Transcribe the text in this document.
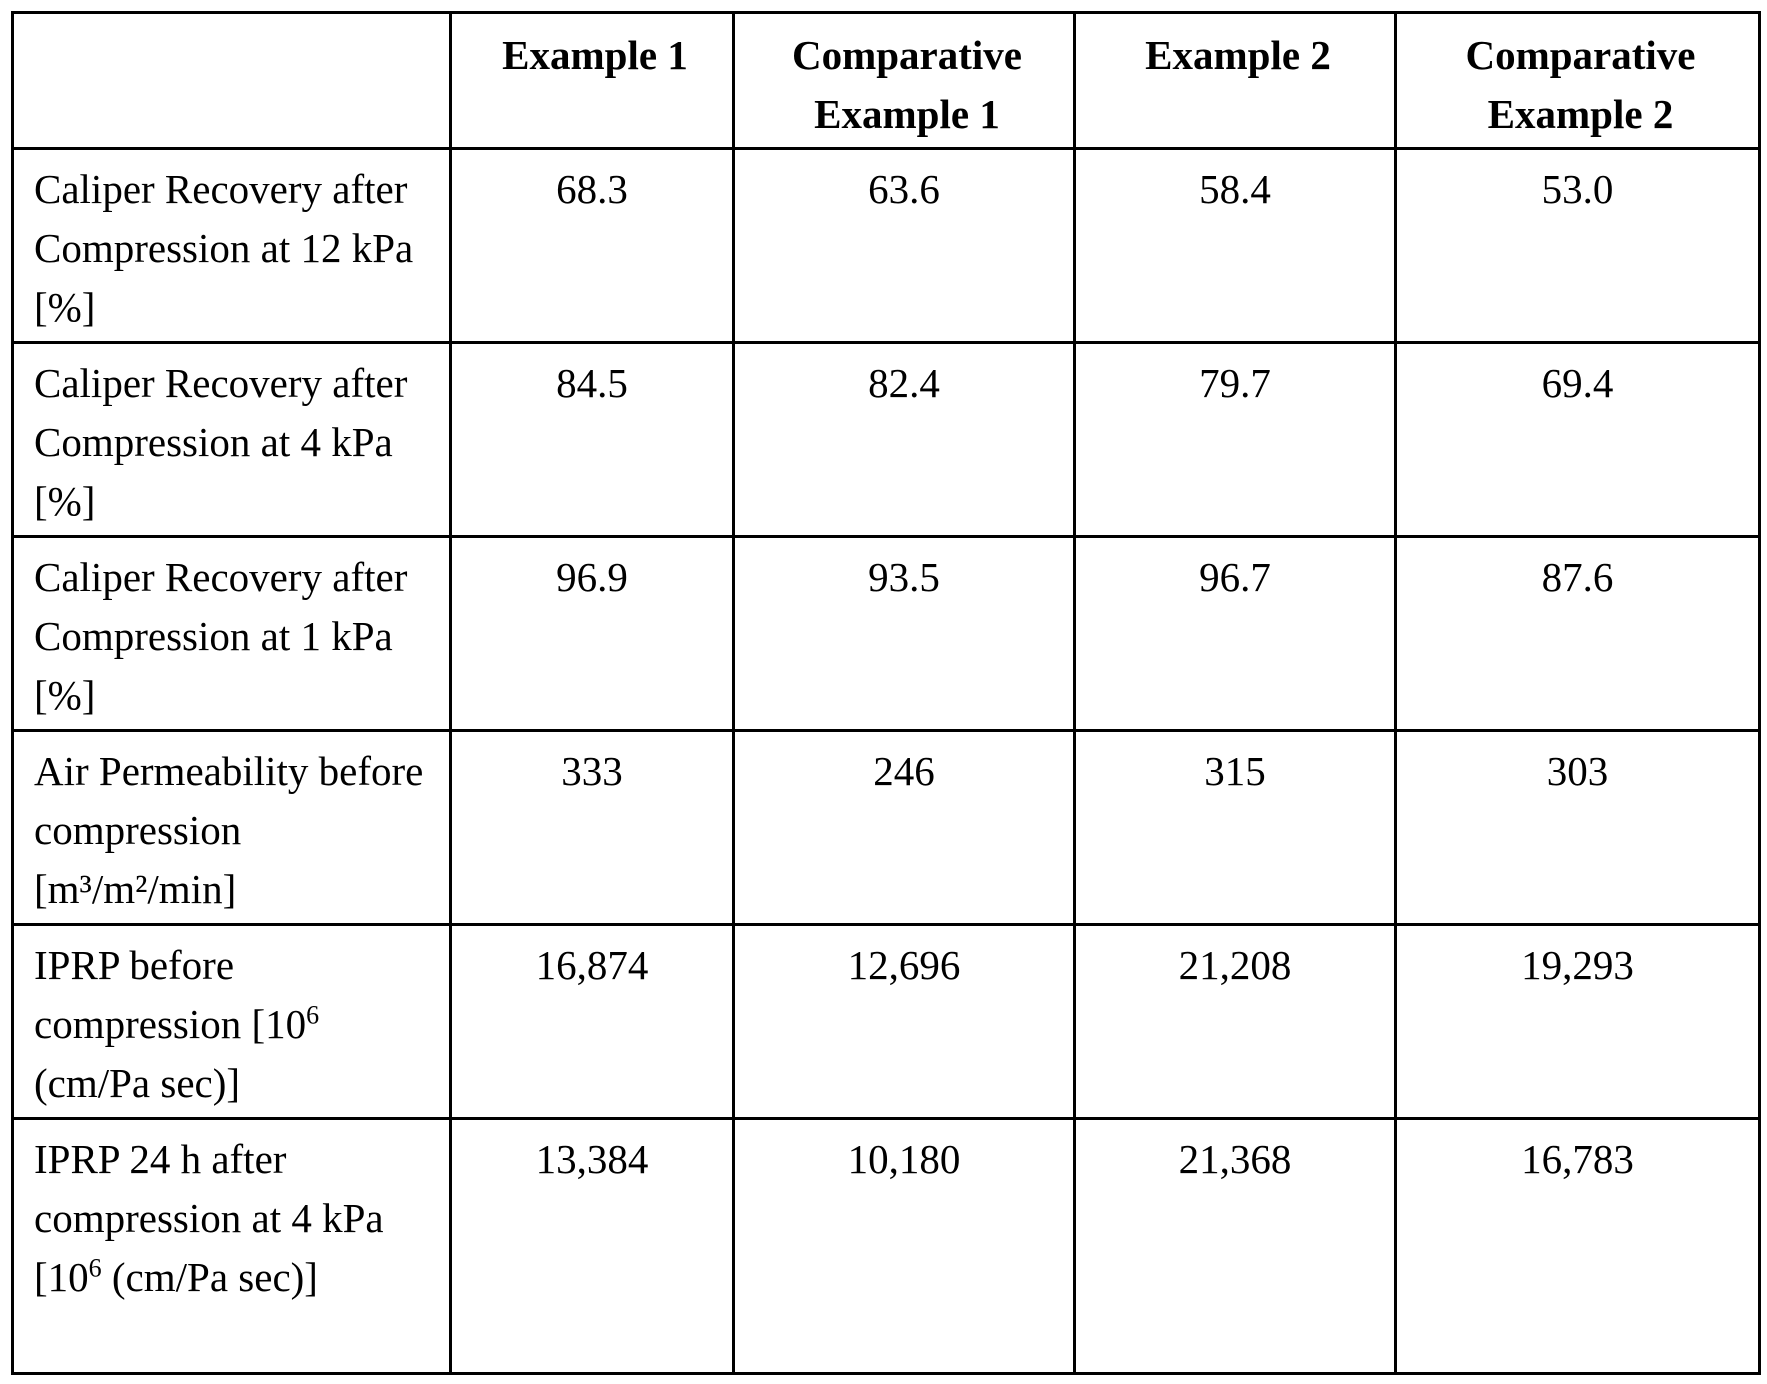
	Example 1	Comparative Example 1	Example 2	Comparative Example 2
Caliper Recovery after Compression at 12 kPa [%]	68.3	63.6	58.4	53.0
Caliper Recovery after Compression at 4 kPa [%]	84.5	82.4	79.7	69.4
Caliper Recovery after Compression at 1 kPa [%]	96.9	93.5	96.7	87.6
Air Permeability before compression [m³/m²/min]	333	246	315	303
IPRP before compression [106 (cm/Pa sec)]	16,874	12,696	21,208	19,293
IPRP 24 h after compression at 4 kPa [106 (cm/Pa sec)]	13,384	10,180	21,368	16,783
